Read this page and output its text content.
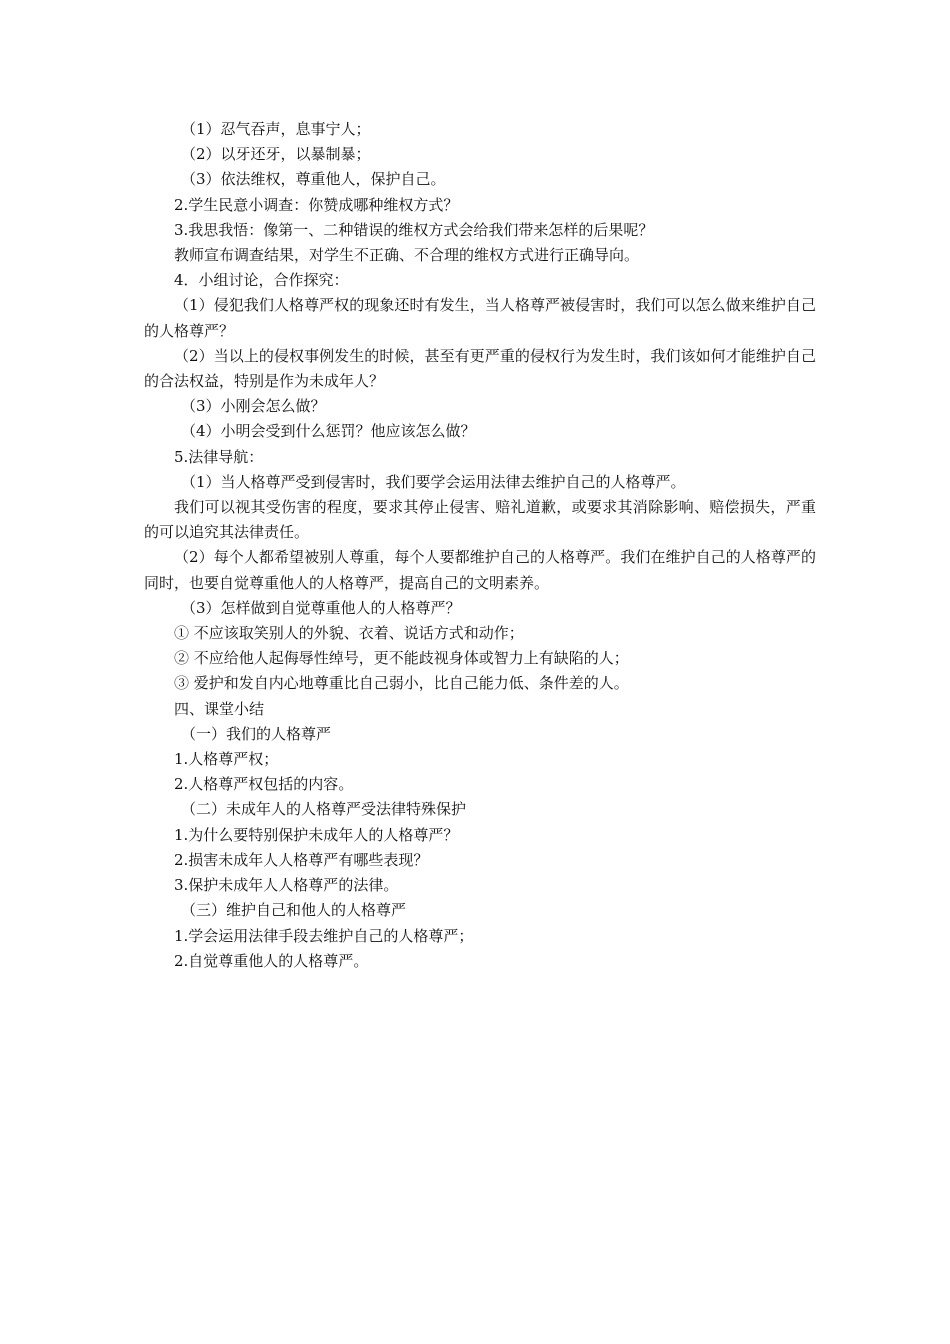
（1）忍气吞声，息事宁人；

（2）以牙还牙，以暴制暴；

（3）依法维权，尊重他人，保护自己。

2.学生民意小调查：你赞成哪种维权方式？

3.我思我悟：像第一、二种错误的维权方式会给我们带来怎样的后果呢？

教师宣布调查结果，对学生不正确、不合理的维权方式进行正确导向。

4．小组讨论，合作探究：

（1）侵犯我们人格尊严权的现象还时有发生，当人格尊严被侵害时，我们可以怎么做来维护自己的人格尊严？

（2）当以上的侵权事例发生的时候，甚至有更严重的侵权行为发生时，我们该如何才能维护自己的合法权益，特别是作为未成年人？

（3）小刚会怎么做？

（4）小明会受到什么惩罚？他应该怎么做？

5.法律导航：

（1）当人格尊严受到侵害时，我们要学会运用法律去维护自己的人格尊严。

我们可以视其受伤害的程度，要求其停止侵害、赔礼道歉，或要求其消除影响、赔偿损失，严重的可以追究其法律责任。

（2）每个人都希望被别人尊重，每个人要都维护自己的人格尊严。我们在维护自己的人格尊严的同时，也要自觉尊重他人的人格尊严，提高自己的文明素养。

（3）怎样做到自觉尊重他人的人格尊严？

① 不应该取笑别人的外貌、衣着、说话方式和动作；

② 不应给他人起侮辱性绰号，更不能歧视身体或智力上有缺陷的人；

③ 爱护和发自内心地尊重比自己弱小，比自己能力低、条件差的人。

四、课堂小结

（一）我们的人格尊严

1.人格尊严权；

2.人格尊严权包括的内容。

（二）未成年人的人格尊严受法律特殊保护

1.为什么要特别保护未成年人的人格尊严？

2.损害未成年人人格尊严有哪些表现？

3.保护未成年人人格尊严的法律。

（三）维护自己和他人的人格尊严

1.学会运用法律手段去维护自己的人格尊严；

2.自觉尊重他人的人格尊严。
